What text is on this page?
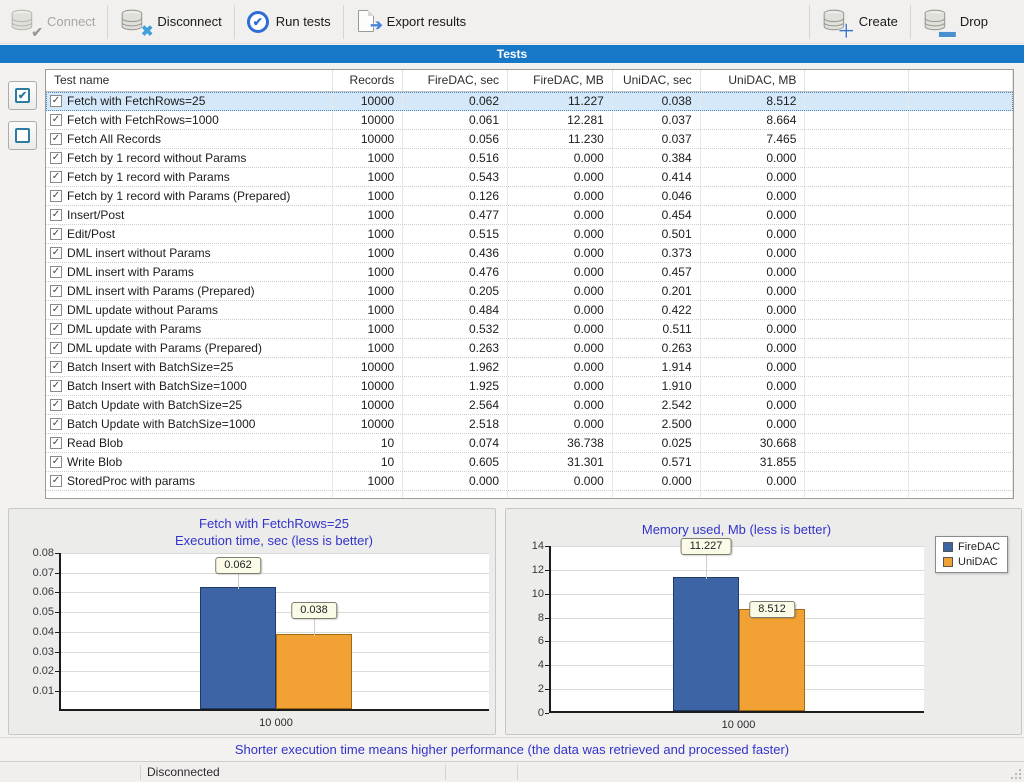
✔
Connect
✖
Disconnect	✔ Run tests	➔ Export results	＋ Create ▬ Drop
Tests
✔
Test name	Records	FireDAC, sec	FireDAC, MB	UniDAC, sec	UniDAC, MB
✓ Fetch with FetchRows=25	10000	0.062	11.227	0.038	8.512
✓ Fetch with FetchRows=1000	10000	0.061	12.281	0.037	8.664
✓ Fetch All Records	10000	0.056	11.230	0.037	7.465
✓ Fetch by 1 record without Params	1000	0.516	0.000	0.384	0.000
✓ Fetch by 1 record with Params	1000	0.543	0.000	0.414	0.000
✓ Fetch by 1 record with Params (Prepared)	1000	0.126	0.000	0.046	0.000
✓ Insert/Post	1000	0.477	0.000	0.454	0.000
✓ Edit/Post	1000	0.515	0.000	0.501	0.000
✓ DML insert without Params	1000	0.436	0.000	0.373	0.000
✓ DML insert with Params	1000	0.476	0.000	0.457	0.000
✓ DML insert with Params (Prepared)	1000	0.205	0.000	0.201	0.000
✓ DML update without Params	1000	0.484	0.000	0.422	0.000
✓ DML update with Params	1000	0.532	0.000	0.511	0.000
✓ DML update with Params (Prepared)	1000	0.263	0.000	0.263	0.000
✓ Batch Insert with BatchSize=25	10000	1.962	0.000	1.914	0.000
✓ Batch Insert with BatchSize=1000	10000	1.925	0.000	1.910	0.000
✓ Batch Update with BatchSize=25	10000	2.564	0.000	2.542	0.000
✓ Batch Update with BatchSize=1000	10000	2.518	0.000	2.500	0.000
✓ Read Blob	10	0.074	36.738	0.025	30.668
✓ Write Blob	10	0.605	31.301	0.571	31.855
✓ StoredProc with params	1000	0.000	0.000	0.000	0.000
Fetch with FetchRows=25
Execution time, sec (less is better)
0.01
0.02
0.03
0.04
0.05
0.06
0.07
0.08
0.062
0.038
10 000
Memory used, Mb (less is better)
0
2
4
6
8
10
12
14	11.227
8.512
10 000
FireDAC
UniDAC
Shorter execution time means higher performance (the data was retrieved and processed faster)
Disconnected
